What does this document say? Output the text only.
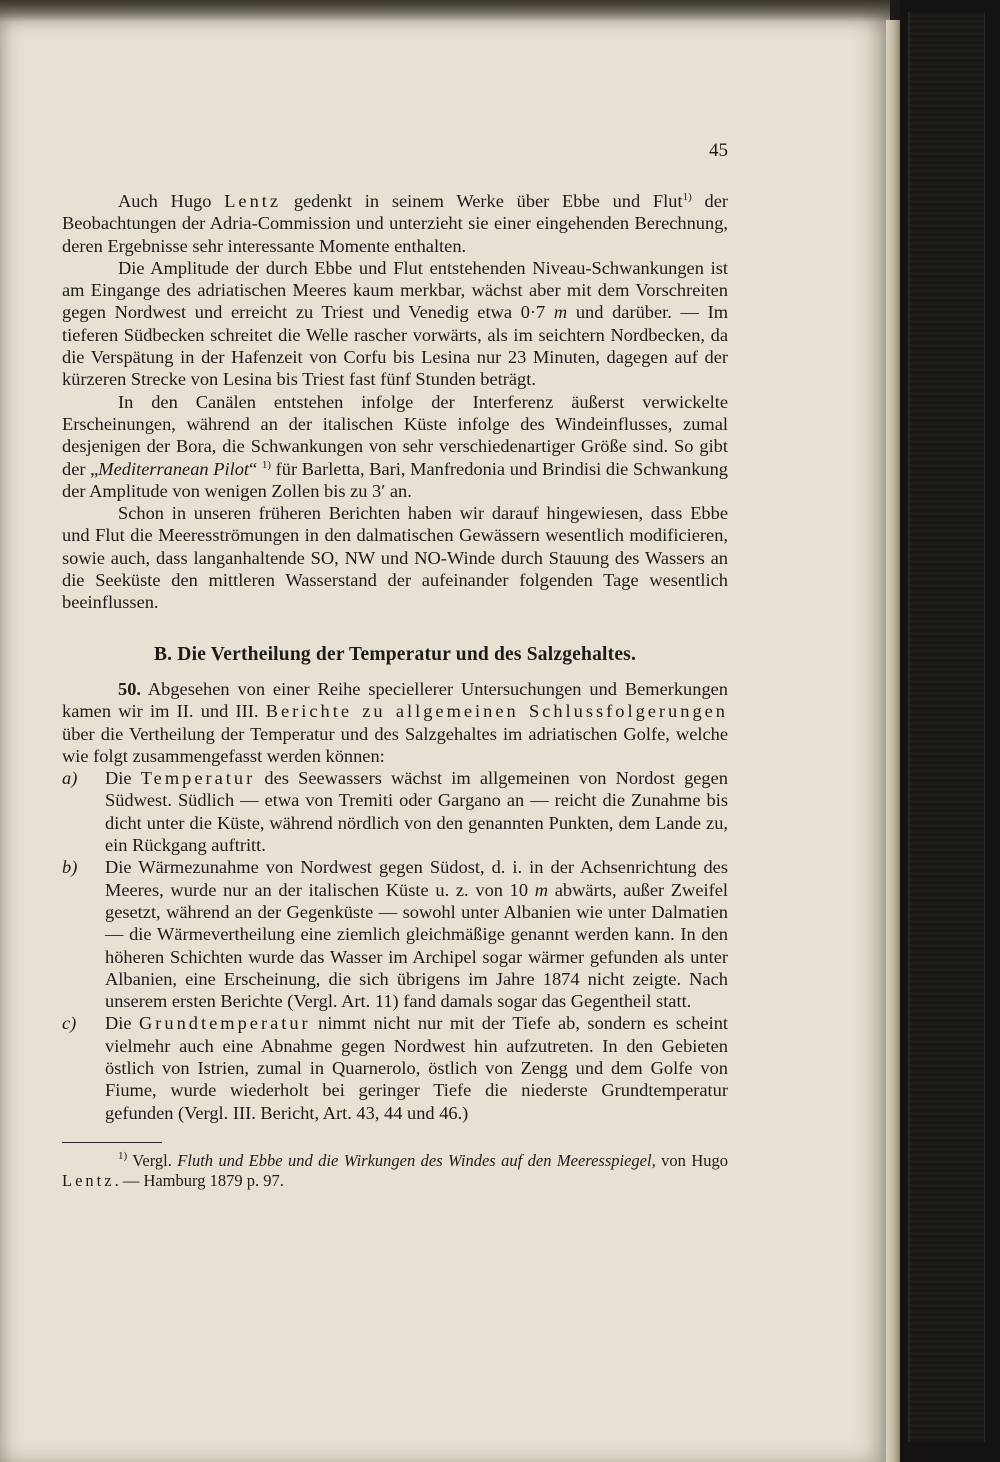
45

Auch Hugo Lentz gedenkt in seinem Werke über Ebbe und Flut$^{1)}$ der Beobachtungen der Adria-Commission und unterzieht sie einer eingehenden Berechnung, deren Ergebnisse sehr interessante Momente enthalten.

Die Amplitude der durch Ebbe und Flut entstehenden Niveau-Schwankungen ist am Eingange des adriatischen Meeres kaum merkbar, wächst aber mit dem Vorschreiten gegen Nordwest und erreicht zu Triest und Venedig etwa 0·7 m und darüber. — Im tieferen Südbecken schreitet die Welle rascher vorwärts, als im seichtern Nordbecken, da die Verspätung in der Hafenzeit von Corfu bis Lesina nur 23 Minuten, dagegen auf der kürzeren Strecke von Lesina bis Triest fast fünf Stunden beträgt.

In den Canälen entstehen infolge der Interferenz äußerst verwickelte Erscheinungen, während an der italischen Küste infolge des Windeinflusses, zumal desjenigen der Bora, die Schwankungen von sehr verschiedenartiger Größe sind. So gibt der „Mediterranean Pilot“ $^{1)}$ für Barletta, Bari, Manfredonia und Brindisi die Schwankung der Amplitude von wenigen Zollen bis zu 3′ an.

Schon in unseren früheren Berichten haben wir darauf hingewiesen, dass Ebbe und Flut die Meeresströmungen in den dalmatischen Gewässern wesentlich modificieren, sowie auch, dass langanhaltende SO, NW und NO-Winde durch Stauung des Wassers an die Seeküste den mittleren Wasserstand der aufeinander folgenden Tage wesentlich beeinflussen.

B. Die Vertheilung der Temperatur und des Salzgehaltes.

50. Abgesehen von einer Reihe speciellerer Untersuchungen und Bemerkungen kamen wir im II. und III. Berichte zu allgemeinen Schlussfolgerungen über die Vertheilung der Temperatur und des Salzgehaltes im adriatischen Golfe, welche wie folgt zusammengefasst werden können:

a) Die Temperatur des Seewassers wächst im allgemeinen von Nordost gegen Südwest. Südlich — etwa von Tremiti oder Gargano an — reicht die Zunahme bis dicht unter die Küste, während nördlich von den genannten Punkten, dem Lande zu, ein Rückgang auftritt.
b) Die Wärmezunahme von Nordwest gegen Südost, d. i. in der Achsenrichtung des Meeres, wurde nur an der italischen Küste u. z. von 10 m abwärts, außer Zweifel gesetzt, während an der Gegenküste — sowohl unter Albanien wie unter Dalmatien — die Wärmevertheilung eine ziemlich gleichmäßige genannt werden kann. In den höheren Schichten wurde das Wasser im Archipel sogar wärmer gefunden als unter Albanien, eine Erscheinung, die sich übrigens im Jahre 1874 nicht zeigte. Nach unserem ersten Berichte (Vergl. Art. 11) fand damals sogar das Gegentheil statt.
c) Die Grundtemperatur nimmt nicht nur mit der Tiefe ab, sondern es scheint vielmehr auch eine Abnahme gegen Nordwest hin aufzutreten. In den Gebieten östlich von Istrien, zumal in Quarnerolo, östlich von Zengg und dem Golfe von Fiume, wurde wiederholt bei geringer Tiefe die niederste Grundtemperatur gefunden (Vergl. III. Bericht, Art. 43, 44 und 46.)

$^{1)}$ Vergl. Fluth und Ebbe und die Wirkungen des Windes auf den Meeresspiegel, von Hugo Lentz. — Hamburg 1879 p. 97.
